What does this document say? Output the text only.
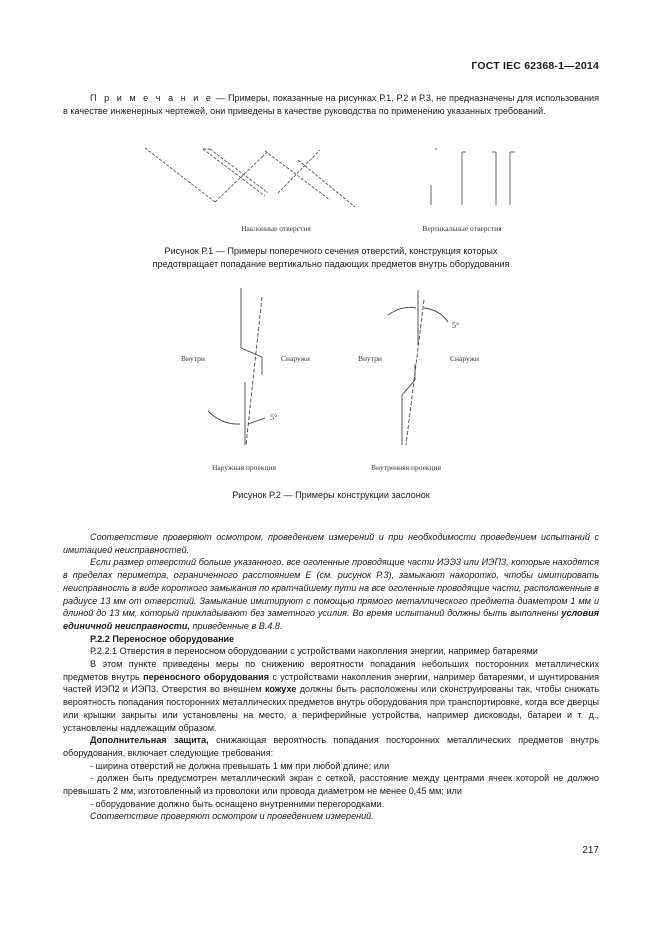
ГОСТ IEC 62368-1—2014
П р и м е ч а н и е — Примеры, показанные на рисунках Р.1, Р.2 и Р.3, не предназначены для использования в качестве инженерных чертежей, они приведены в качестве руководства по применению указанных требований.
Наклонные отверстия	Вертикальные отверстия
Рисунок Р.1 — Примеры поперечного сечения отверстий, конструкция которых
предотвращает попадание вертикально падающих предметов внутрь оборудования
Внутри	Снаружи	Внутри	Снаружи
5°
5°
Наружная проекция	Внутренняя проекция
Рисунок Р.2 — Примеры конструкции заслонок

Соответствие проверяют осмотром, проведением измерений и при необходимости проведением испытаний с имитацией неисправностей.

Если размер отверстий больше указанного, все оголенные проводящие части ИЭЭ3 или ИЭП3, которые находятся в пределах периметра, ограниченного расстоянием Е (см. рисунок Р.3), замыкают накоротко, чтобы имитировать неисправность в виде короткого замыкания по кратчайшему пути на все оголенные проводящие части, расположенные в радиусе 13 мм от отверстий. Замыкание имитируют с помощью прямого металлического предмета диаметром 1 мм и длиной до 13 мм, который прикладывают без заметного усилия. Во время испытаний должны быть выполнены условия единичной неисправности, приведенные в В.4.8.

Р.2.2 Переносное оборудование

Р.2.2.1 Отверстия в переносном оборудовании с устройствами накопления энергии, например батареями

В этом пункте приведены меры по снижению вероятности попадания небольших посторонних металлических предметов внутрь переносного оборудования с устройствами накопления энергии, например батареями, и шунтирования частей ИЭП2 и ИЭП3. Отверстия во внешнем кожухе должны быть расположены или сконструированы так, чтобы снижать вероятность попадания посторонних металлических предметов внутрь оборудования при транспортировке, когда все дверцы или крышки закрыты или установлены на место, а периферийные устройства, например дисководы, батареи и т. д., установлены надлежащим образом.

Дополнительная защита, снижающая вероятность попадания посторонних металлических предметов внутрь оборудования, включает следующие требования:

- ширина отверстий не должна превышать 1 мм при любой длине; или

- должен быть предусмотрен металлический экран с сеткой, расстояние между центрами ячеек которой не должно превышать 2 мм, изготовленный из проволоки или провода диаметром не менее 0,45 мм; или

- оборудование должно быть оснащено внутренними перегородками.

Соответствие проверяют осмотром и проведением измерений.

217
